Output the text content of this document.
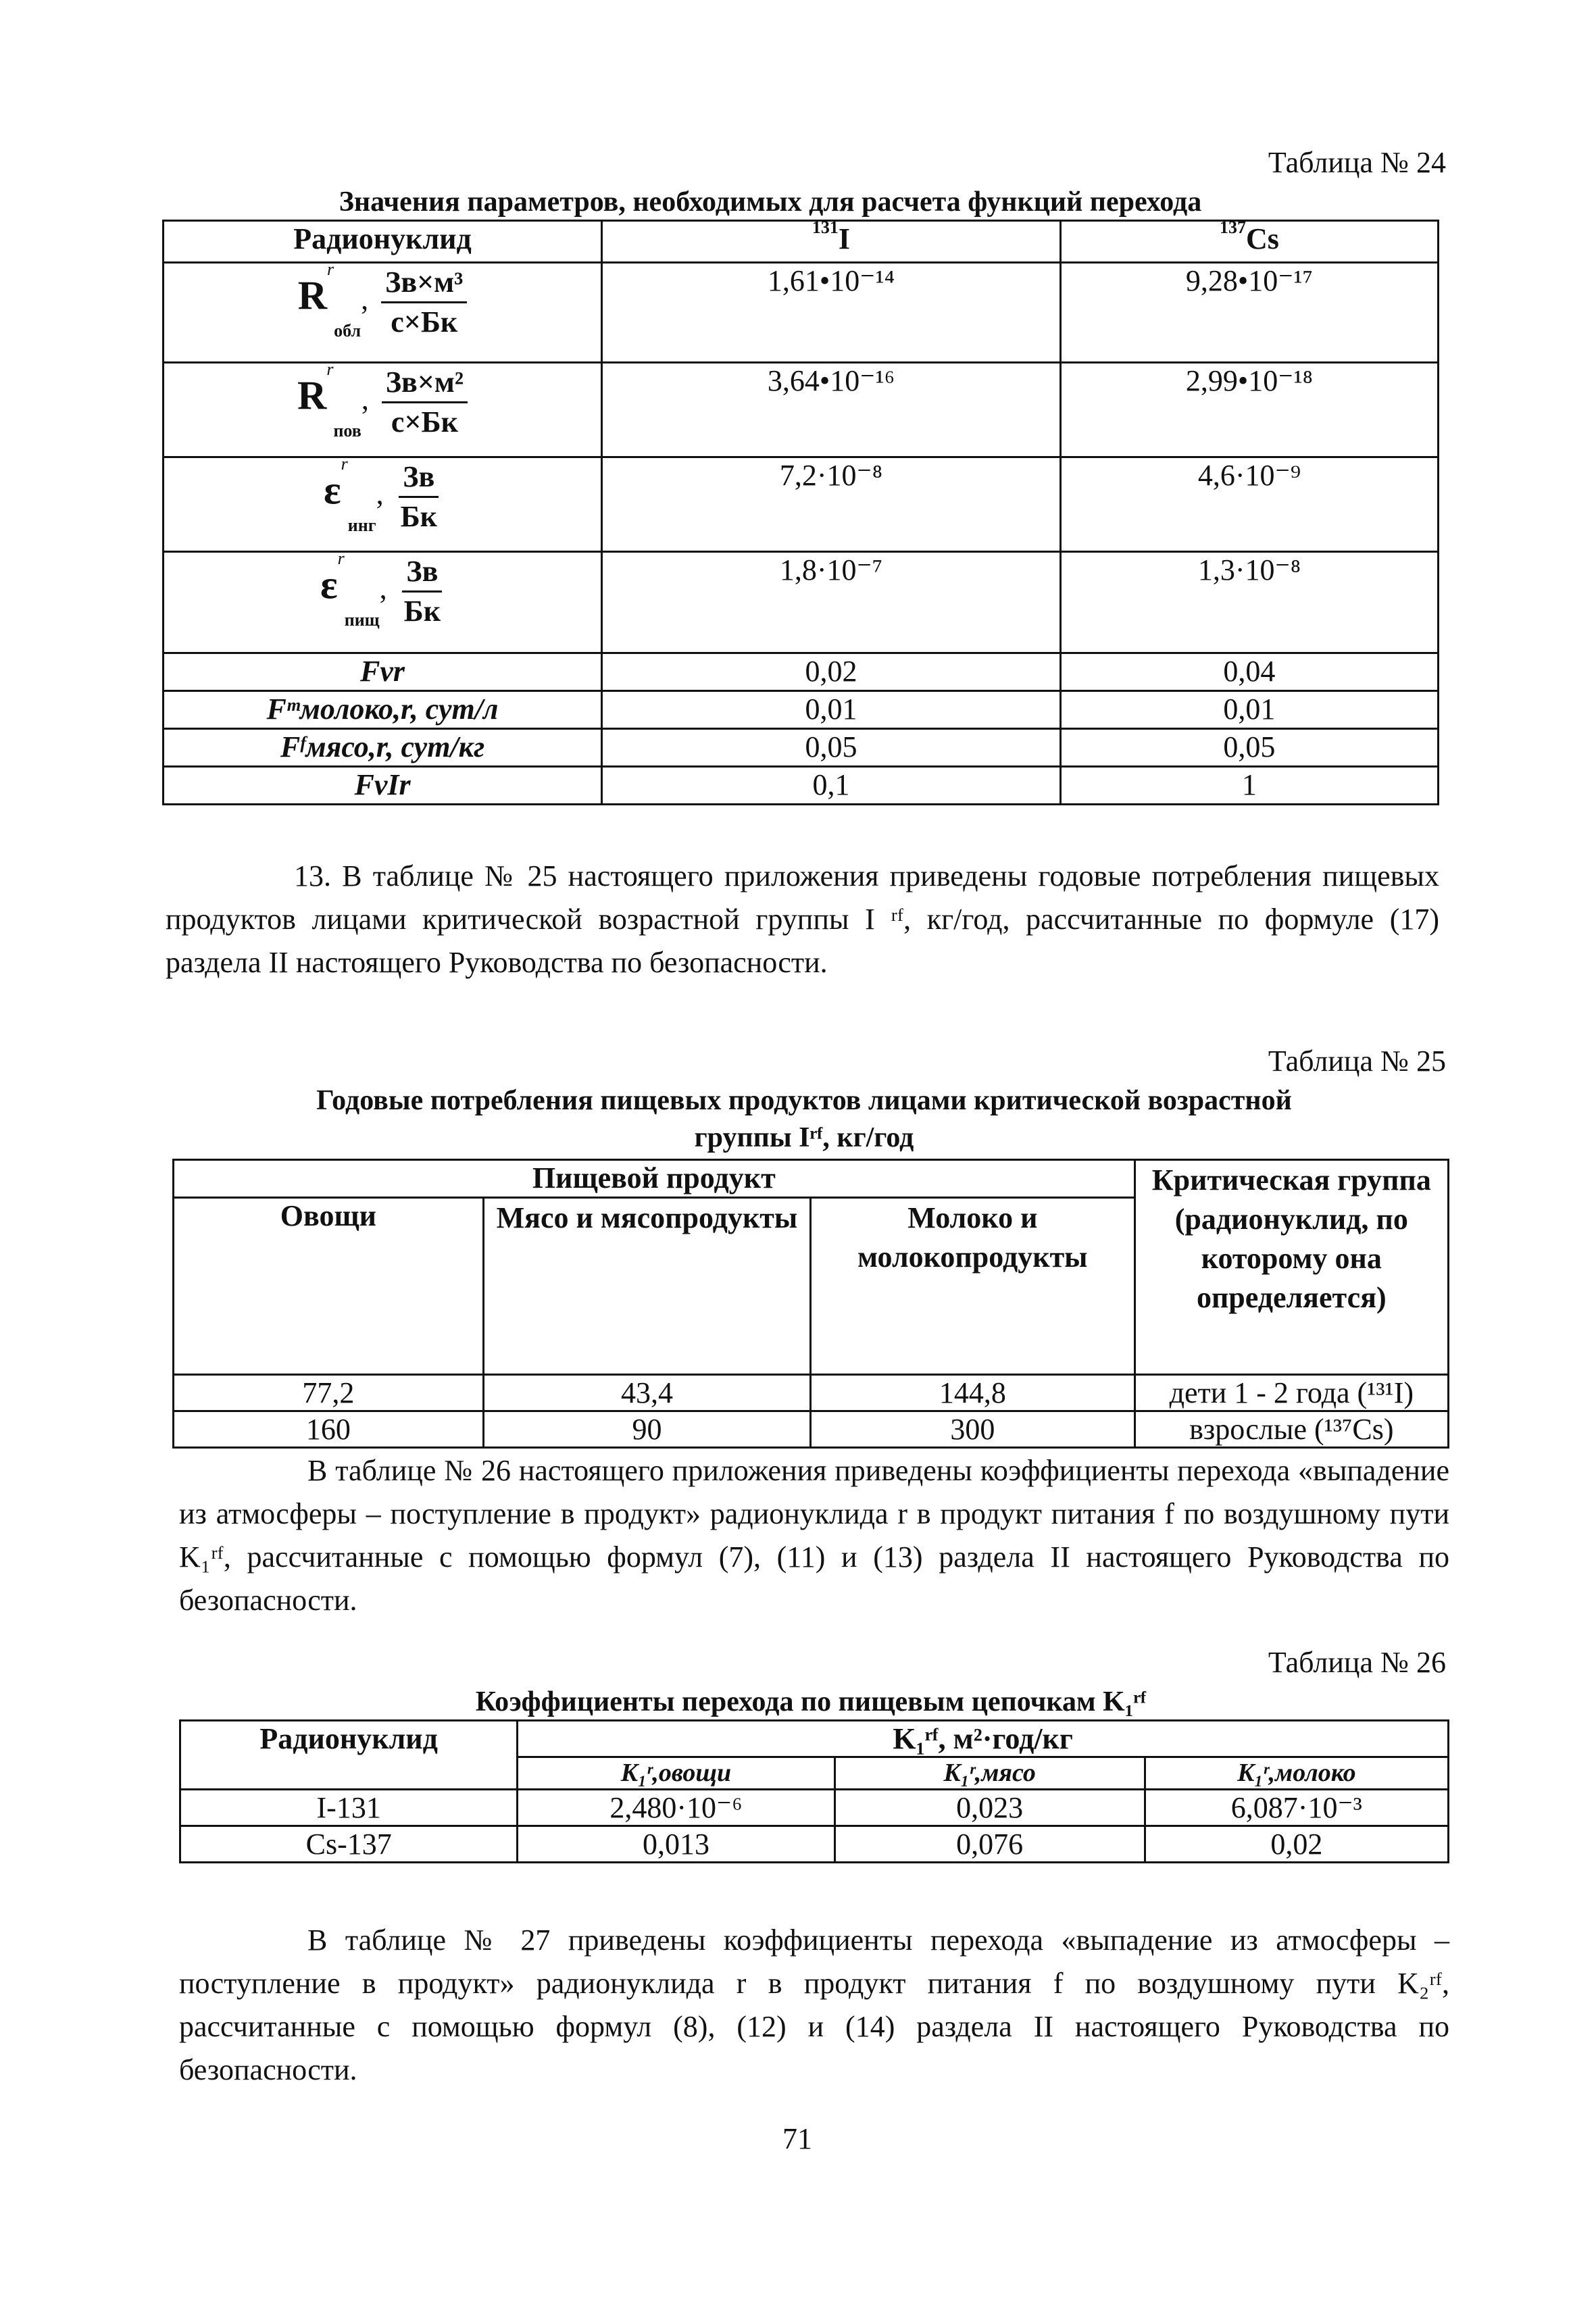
Таблица № 24
Значения параметров, необходимых для расчета функций перехода
Радионуклид	$^{131}$I	$^{137}$Cs
$R^rобл$, $\frac{\text{Зв×м³}}{с\times Бк}$	1,61•10⁻¹⁴	9,28•10⁻¹⁷
$R^rпов$, $\frac{\text{Зв×м²}}{с\times Бк}$	3,64•10⁻¹⁶	2,99•10⁻¹⁸
$\varepsilon^rинг$, $\frac{Зв}{Бк}$	7,2·10⁻⁸	4,6·10⁻⁹
$\varepsilon^rпищ$, $\frac{Зв}{Бк}$	1,8·10⁻⁷	1,3·10⁻⁸
Fvr	0,02	0,04
Fᵐмолоко,r, сут/л	0,01	0,01
Fᶠмясо,r, сут/кг	0,05	0,05
FvIr	0,1	1
13. В таблице № 25 настоящего приложения приведены годовые потребления пищевых продуктов лицами критической возрастной группы I ʳᶠ, кг/год, рассчитанные по формуле (17) раздела II настоящего Руководства по безопасности.
Таблица № 25
Годовые потребления пищевых продуктов лицами критической возрастной
группы Iʳᶠ, кг/год
Пищевой продукт			Критическая группа (радионуклид, по которому она определяется)
Овощи	Мясо и мясопродукты	Молоко и молокопродукты	
77,2	43,4	144,8	дети 1 - 2 года (¹³¹I)
160	90	300	взрослые (¹³⁷Cs)
В таблице № 26 настоящего приложения приведены коэффициенты перехода «выпадение из атмосферы – поступление в продукт» радионуклида r в продукт питания f по воздушному пути K₁ʳᶠ, рассчитанные с помощью формул (7), (11) и (13) раздела II настоящего Руководства по безопасности.
Таблица № 26
Коэффициенты перехода по пищевым цепочкам K₁ʳᶠ
Радионуклид	K₁ʳᶠ, м²·год/кг		
	K₁ʳ,овощи	K₁ʳ,мясо	K₁ʳ,молоко
I-131	2,480·10⁻⁶	0,023	6,087·10⁻³
Cs-137	0,013	0,076	0,02
В таблице № 27 приведены коэффициенты перехода «выпадение из атмосферы – поступление в продукт» радионуклида r в продукт питания f по воздушному пути K₂ʳᶠ, рассчитанные с помощью формул (8), (12) и (14) раздела II настоящего Руководства по безопасности.
71
